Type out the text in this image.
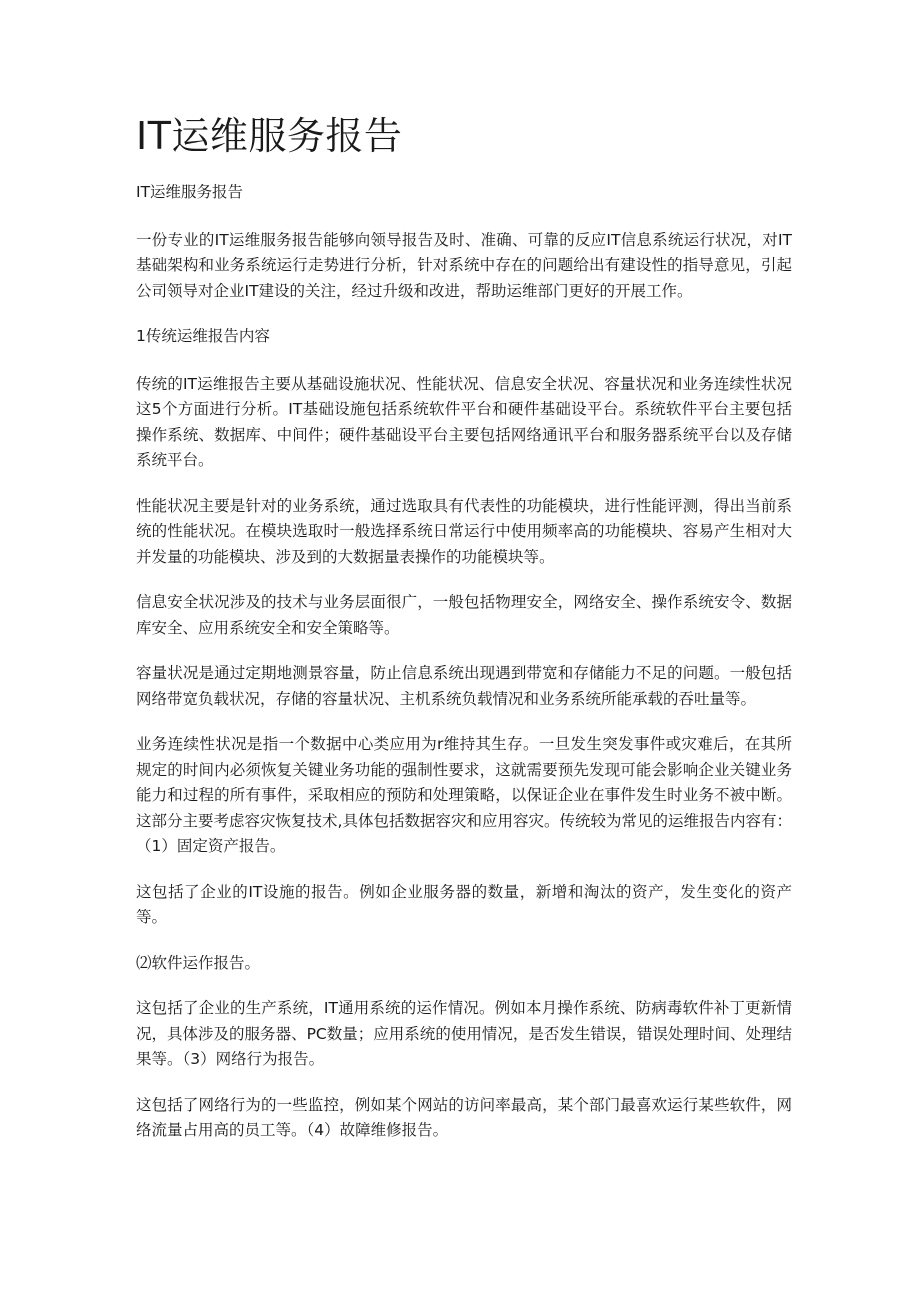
IT运维服务报告

IT运维服务报告

一份专业的IT运维服务报告能够向领导报告及时、准确、可靠的反应IT信息系统运行状况，对IT基础架构和业务系统运行走势进行分析，针对系统中存在的问题给出有建设性的指导意见，引起公司领导对企业IT建设的关注，经过升级和改进，帮助运维部门更好的开展工作。

1传统运维报告内容

传统的IT运维报告主要从基础设施状况、性能状况、信息安全状况、容量状况和业务连续性状况这5个方面进行分析。IT基础设施包括系统软件平台和硬件基础设平台。系统软件平台主要包括操作系统、数据库、中间件；硬件基础设平台主要包括网络通讯平台和服务器系统平台以及存储系统平台。

性能状况主要是针对的业务系统，通过选取具有代表性的功能模块，进行性能评测，得出当前系统的性能状况。在模块选取时一般选择系统日常运行中使用频率高的功能模块、容易产生相对大并发量的功能模块、涉及到的大数据量表操作的功能模块等。

信息安全状况涉及的技术与业务层面很广，一般包括物理安全，网络安全、操作系统安令、数据库安全、应用系统安全和安全策略等。

容量状况是通过定期地测景容量，防止信息系统出现遇到带宽和存储能力不足的问题。一般包括网络带宽负载状况，存储的容量状况、主机系统负载情况和业务系统所能承载的吞吐量等。

业务连续性状况是指一个数据中心类应用为r维持其生存。一旦发生突发事件或灾难后，在其所规定的时间内必须恢复关键业务功能的强制性要求，这就需要预先发现可能会影响企业关键业务能力和过程的所有事件，采取相应的预防和处理策略，以保证企业在事件发生时业务不被中断。这部分主要考虑容灾恢复技术,具体包括数据容灾和应用容灾。传统较为常见的运维报告内容有：（1）固定资产报告。

这包括了企业的IT设施的报告。例如企业服务器的数量，新增和淘汰的资产，发生变化的资产等。

⑵软件运作报告。

这包括了企业的生产系统，IT通用系统的运作情况。例如本月操作系统、防病毒软件补丁更新情况，具体涉及的服务器、PC数量；应用系统的使用情况，是否发生错误，错误处理时间、处理结果等。（3）网络行为报告。

这包括了网络行为的一些监控，例如某个网站的访问率最高，某个部门最喜欢运行某些软件，网络流量占用高的员工等。（4）故障维修报告。
